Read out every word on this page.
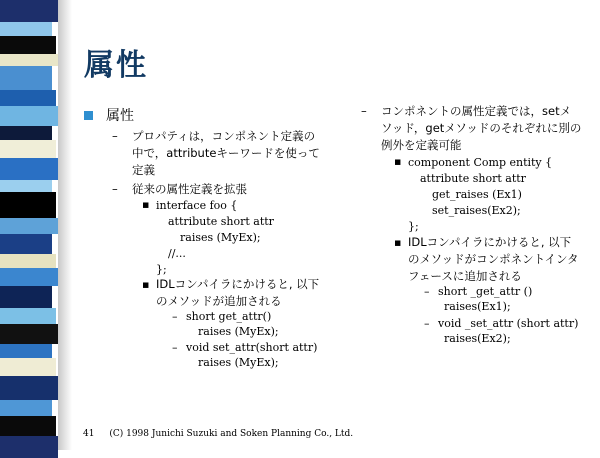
属性
属性
– プロパティは，コンポネント定義の
中で，attributeキーワードを使って
定義
– 従来の属性定義を拡張
▪ interface foo {
attribute short attr
raises (MyEx);
//...
};
▪ IDLコンパイラにかけると, 以下
のメソッドが追加される
– short get_attr()
raises (MyEx);
– void set_attr(short attr)
raises (MyEx);
– コンポネントの属性定義では，setメ
ソッド，getメソッドのそれぞれに別の
例外を定義可能
▪ component Comp entity {
attribute short attr
get_raises (Ex1)
set_raises(Ex2);
};
▪ IDLコンパイラにかけると, 以下
のメソッドがコンポネントインタ
フェースに追加される
– short _get_attr ()
raises(Ex1);
– void _set_attr (short attr)
raises(Ex2);
41 (C) 1998 Junichi Suzuki and Soken Planning Co., Ltd.
